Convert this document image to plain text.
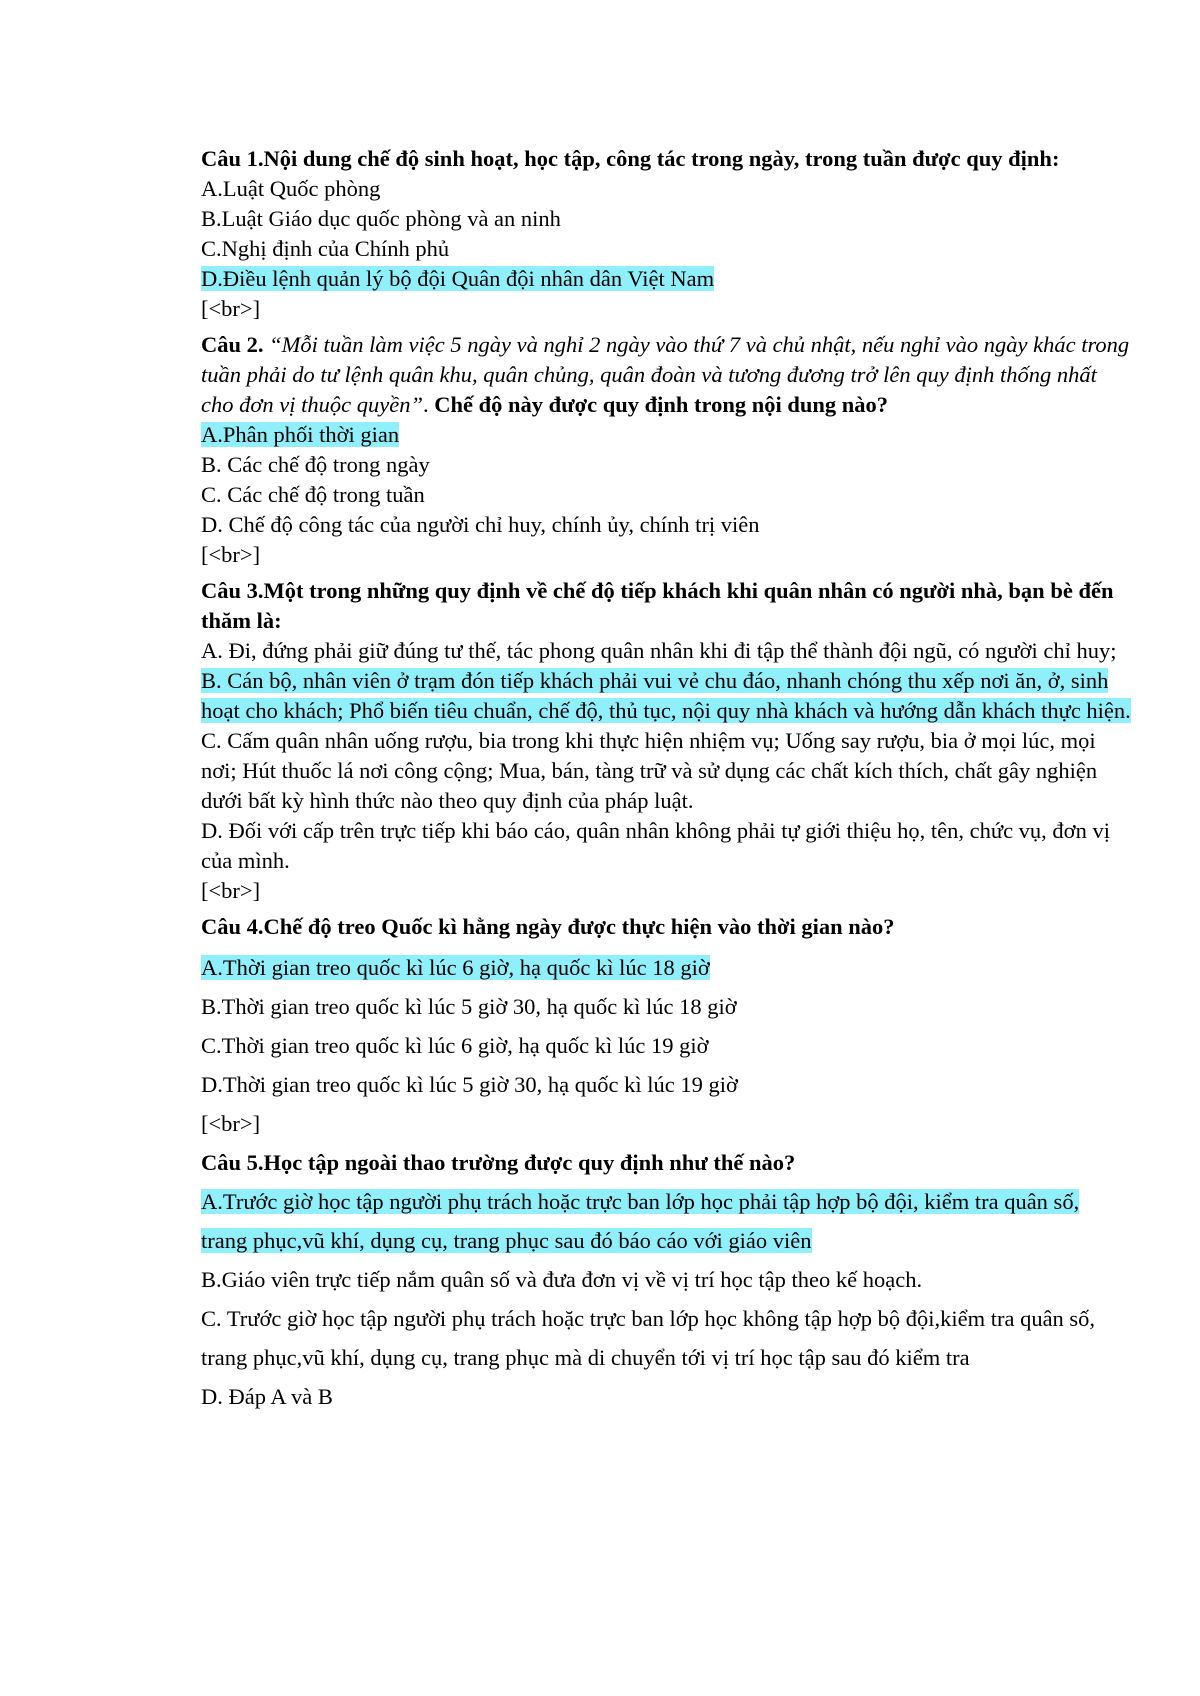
Câu 1.Nội dung chế độ sinh hoạt, học tập, công tác trong ngày, trong tuần được quy định:

A.Luật Quốc phòng

B.Luật Giáo dục quốc phòng và an ninh

C.Nghị định của Chính phủ

D.Điều lệnh quản lý bộ đội Quân đội nhân dân Việt Nam

[<br>]

Câu 2. “Mỗi tuần làm việc 5 ngày và nghỉ 2 ngày vào thứ 7 và chủ nhật, nếu nghỉ vào ngày khác trong tuần phải do tư lệnh quân khu, quân chủng, quân đoàn và tương đương trở lên quy định thống nhất cho đơn vị thuộc quyền”. Chế độ này được quy định trong nội dung nào?

A.Phân phối thời gian

B. Các chế độ trong ngày

C. Các chế độ trong tuần

D. Chế độ công tác của người chỉ huy, chính ủy, chính trị viên

[<br>]

Câu 3.Một trong những quy định về chế độ tiếp khách khi quân nhân có người nhà, bạn bè đến thăm là:

A. Đi, đứng phải giữ đúng tư thế, tác phong quân nhân khi đi tập thể thành đội ngũ, có người chỉ huy;

B. Cán bộ, nhân viên ở trạm đón tiếp khách phải vui vẻ chu đáo, nhanh chóng thu xếp nơi ăn, ở, sinh hoạt cho khách; Phổ biến tiêu chuẩn, chế độ, thủ tục, nội quy nhà khách và hướng dẫn khách thực hiện.

C. Cấm quân nhân uống rượu, bia trong khi thực hiện nhiệm vụ; Uống say rượu, bia ở mọi lúc, mọi nơi; Hút thuốc lá nơi công cộng; Mua, bán, tàng trữ và sử dụng các chất kích thích, chất gây nghiện dưới bất kỳ hình thức nào theo quy định của pháp luật.

D. Đối với cấp trên trực tiếp khi báo cáo, quân nhân không phải tự giới thiệu họ, tên, chức vụ, đơn vị của mình.

[<br>]

Câu 4.Chế độ treo Quốc kì hằng ngày được thực hiện vào thời gian nào?

A.Thời gian treo quốc kì lúc 6 giờ, hạ quốc kì lúc 18 giờ

B.Thời gian treo quốc kì lúc 5 giờ 30, hạ quốc kì lúc 18 giờ

C.Thời gian treo quốc kì lúc 6 giờ, hạ quốc kì lúc 19 giờ

D.Thời gian treo quốc kì lúc 5 giờ 30, hạ quốc kì lúc 19 giờ

[<br>]

Câu 5.Học tập ngoài thao trường được quy định như thế nào?

A.Trước giờ học tập người phụ trách hoặc trực ban lớp học phải tập hợp bộ đội, kiểm tra quân số, trang phục,vũ khí, dụng cụ, trang phục sau đó báo cáo với giáo viên

B.Giáo viên trực tiếp nắm quân số và đưa đơn vị về vị trí học tập theo kế hoạch.

C. Trước giờ học tập người phụ trách hoặc trực ban lớp học không tập hợp bộ đội,kiểm tra quân số, trang phục,vũ khí, dụng cụ, trang phục mà di chuyển tới vị trí học tập sau đó kiểm tra

D. Đáp A và B
